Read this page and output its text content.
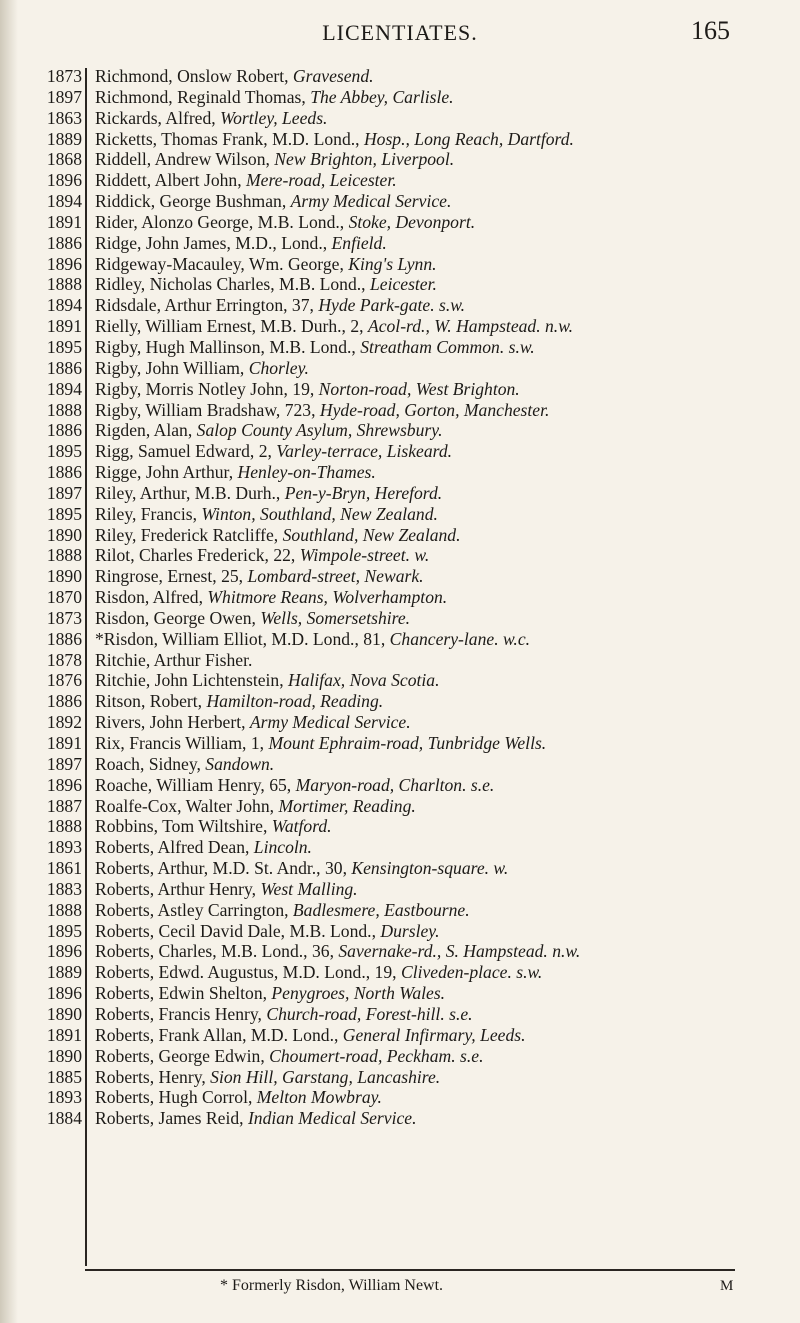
LICENTIATES.	165
1873
1897
1863
1889
1868
1896
1894
1891
1886
1896
1888
1894
1891
1895
1886
1894
1888
1886
1895
1886
1897
1895
1890
1888
1890
1870
1873
1886
1878
1876
1886
1892
1891
1897
1896
1887
1888
1893
1861
1883
1888
1895
1896
1889
1896
1890
1891
1890
1885
1893
1884
Richmond, Onslow Robert, Gravesend.
Richmond, Reginald Thomas, The Abbey, Carlisle.
Rickards, Alfred, Wortley, Leeds.
Ricketts, Thomas Frank, M.D. Lond., Hosp., Long Reach, Dartford.
Riddell, Andrew Wilson, New Brighton, Liverpool.
Riddett, Albert John, Mere-road, Leicester.
Riddick, George Bushman, Army Medical Service.
Rider, Alonzo George, M.B. Lond., Stoke, Devonport.
Ridge, John James, M.D., Lond., Enfield.
Ridgeway-Macauley, Wm. George, King's Lynn.
Ridley, Nicholas Charles, M.B. Lond., Leicester.
Ridsdale, Arthur Errington, 37, Hyde Park-gate. s.w.
Rielly, William Ernest, M.B. Durh., 2, Acol-rd., W. Hampstead. n.w.
Rigby, Hugh Mallinson, M.B. Lond., Streatham Common. s.w.
Rigby, John William, Chorley.
Rigby, Morris Notley John, 19, Norton-road, West Brighton.
Rigby, William Bradshaw, 723, Hyde-road, Gorton, Manchester.
Rigden, Alan, Salop County Asylum, Shrewsbury.
Rigg, Samuel Edward, 2, Varley-terrace, Liskeard.
Rigge, John Arthur, Henley-on-Thames.
Riley, Arthur, M.B. Durh., Pen-y-Bryn, Hereford.
Riley, Francis, Winton, Southland, New Zealand.
Riley, Frederick Ratcliffe, Southland, New Zealand.
Rilot, Charles Frederick, 22, Wimpole-street. w.
Ringrose, Ernest, 25, Lombard-street, Newark.
Risdon, Alfred, Whitmore Reans, Wolverhampton.
Risdon, George Owen, Wells, Somersetshire.
*Risdon, William Elliot, M.D. Lond., 81, Chancery-lane. w.c.
Ritchie, Arthur Fisher.
Ritchie, John Lichtenstein, Halifax, Nova Scotia.
Ritson, Robert, Hamilton-road, Reading.
Rivers, John Herbert, Army Medical Service.
Rix, Francis William, 1, Mount Ephraim-road, Tunbridge Wells.
Roach, Sidney, Sandown.
Roache, William Henry, 65, Maryon-road, Charlton. s.e.
Roalfe-Cox, Walter John, Mortimer, Reading.
Robbins, Tom Wiltshire, Watford.
Roberts, Alfred Dean, Lincoln.
Roberts, Arthur, M.D. St. Andr., 30, Kensington-square. w.
Roberts, Arthur Henry, West Malling.
Roberts, Astley Carrington, Badlesmere, Eastbourne.
Roberts, Cecil David Dale, M.B. Lond., Dursley.
Roberts, Charles, M.B. Lond., 36, Savernake-rd., S. Hampstead. n.w.
Roberts, Edwd. Augustus, M.D. Lond., 19, Cliveden-place. s.w.
Roberts, Edwin Shelton, Penygroes, North Wales.
Roberts, Francis Henry, Church-road, Forest-hill. s.e.
Roberts, Frank Allan, M.D. Lond., General Infirmary, Leeds.
Roberts, George Edwin, Choumert-road, Peckham. s.e.
Roberts, Henry, Sion Hill, Garstang, Lancashire.
Roberts, Hugh Corrol, Melton Mowbray.
Roberts, James Reid, Indian Medical Service.
* Formerly Risdon, William Newt.	M
